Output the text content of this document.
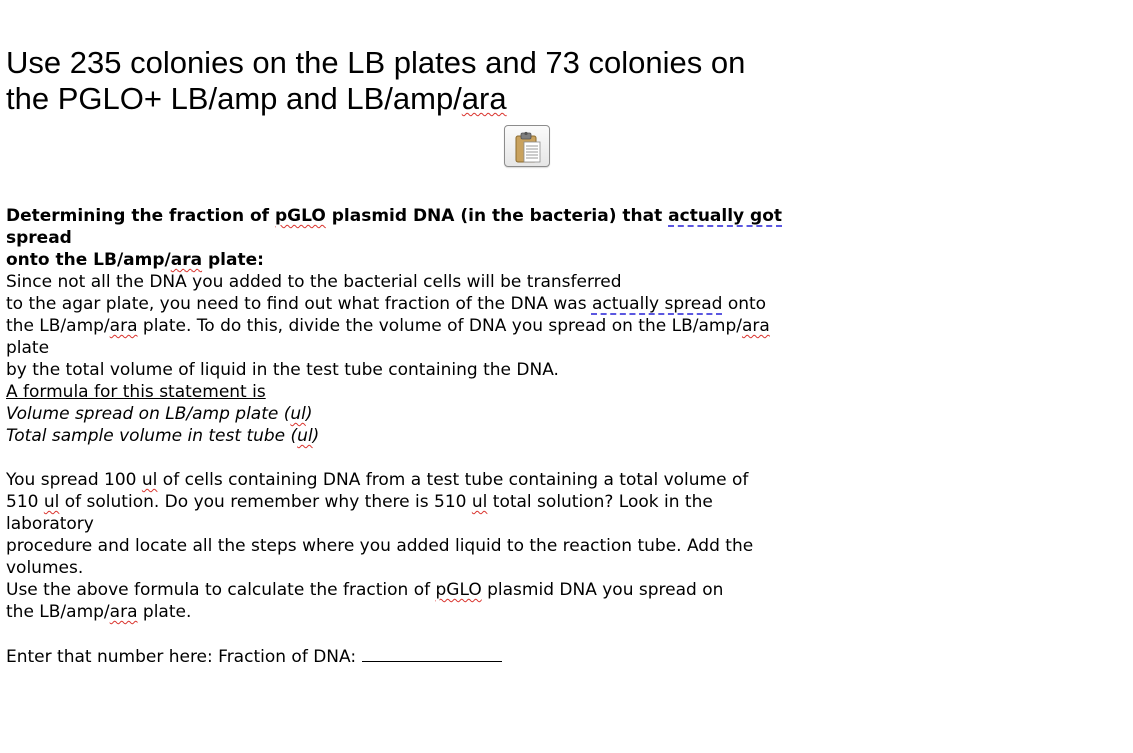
Use 235 colonies on the LB plates and 73 colonies on
the PGLO+ LB/amp and LB/amp/ara
Determining the fraction of pGLO plasmid DNA (in the bacteria) that actually got
spread
onto the LB/amp/ara plate:
Since not all the DNA you added to the bacterial cells will be transferred
to the agar plate, you need to find out what fraction of the DNA was actually spread onto
the LB/amp/ara plate. To do this, divide the volume of DNA you spread on the LB/amp/ara
plate
by the total volume of liquid in the test tube containing the DNA.
A formula for this statement is
Volume spread on LB/amp plate (ul)
Total sample volume in test tube (ul)
You spread 100 ul of cells containing DNA from a test tube containing a total volume of
510 ul of solution. Do you remember why there is 510 ul total solution? Look in the
laboratory
procedure and locate all the steps where you added liquid to the reaction tube. Add the
volumes.
Use the above formula to calculate the fraction of pGLO plasmid DNA you spread on
the LB/amp/ara plate.
Enter that number here: Fraction of DNA:
